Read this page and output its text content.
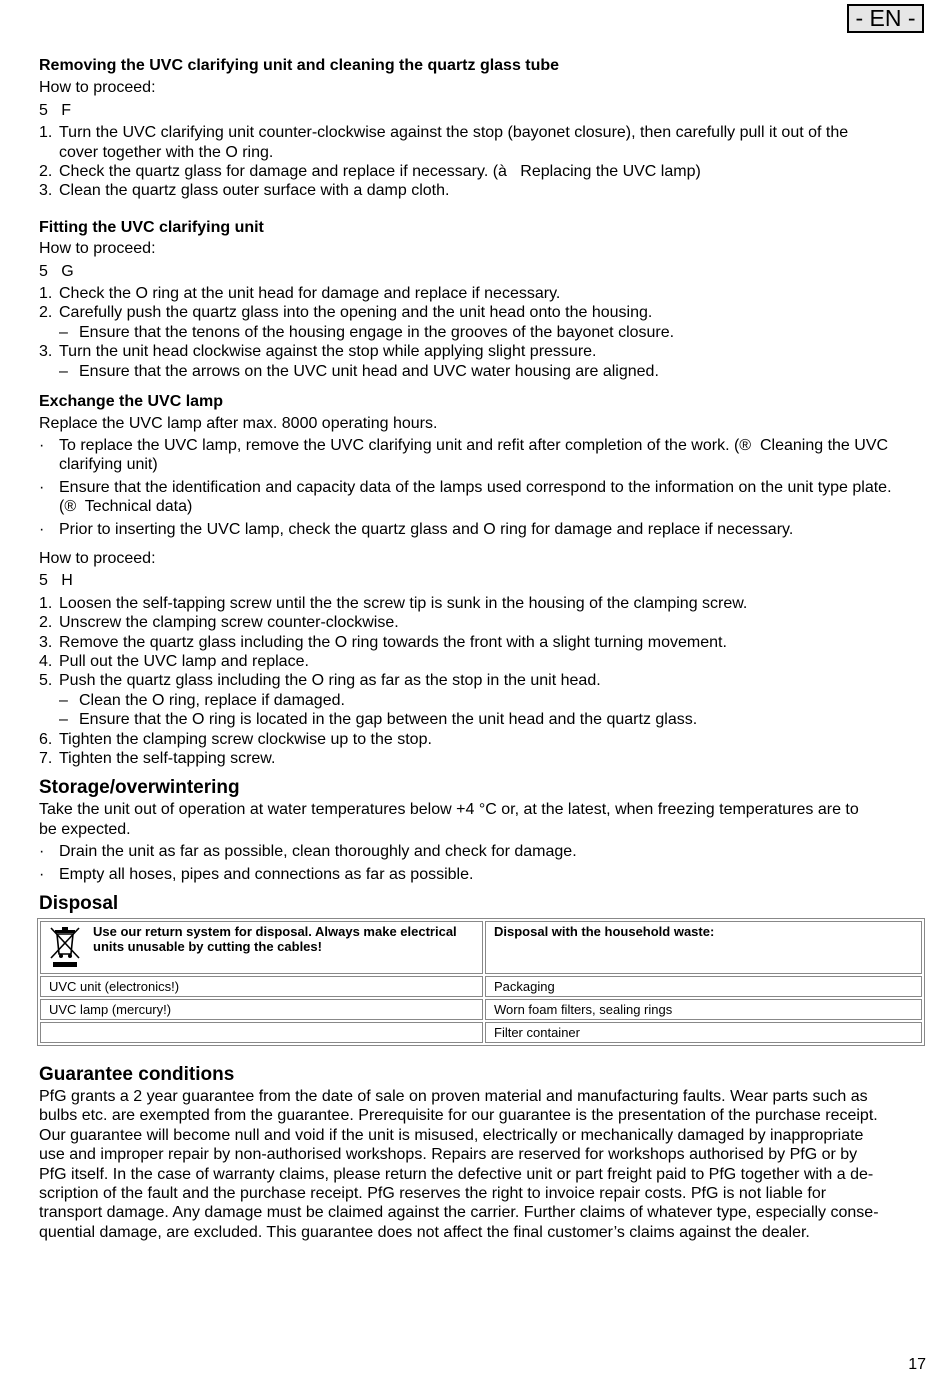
- EN -
Removing the UVC clarifying unit and cleaning the quartz glass tube
How to proceed:
5   F
1. Turn the UVC clarifying unit counter-clockwise against the stop (bayonet closure), then carefully pull it out of the
cover together with the O ring.
2. Check the quartz glass for damage and replace if necessary. (à   Replacing the UVC lamp)
3. Clean the quartz glass outer surface with a damp cloth.
Fitting the UVC clarifying unit
How to proceed:
5   G
1. Check the O ring at the unit head for damage and replace if necessary.
2. Carefully push the quartz glass into the opening and the unit head onto the housing.
– Ensure that the tenons of the housing engage in the grooves of the bayonet closure.
3. Turn the unit head clockwise against the stop while applying slight pressure.
– Ensure that the arrows on the UVC unit head and UVC water housing are aligned.
Exchange the UVC lamp
Replace the UVC lamp after max. 8000 operating hours.
· To replace the UVC lamp, remove the UVC clarifying unit and refit after completion of the work. (®  Cleaning the UVC
clarifying unit)
· Ensure that the identification and capacity data of the lamps used correspond to the information on the unit type plate.
(®  Technical data)
· Prior to inserting the UVC lamp, check the quartz glass and O ring for damage and replace if necessary.
How to proceed:
5   H
1. Loosen the self-tapping screw until the the screw tip is sunk in the housing of the clamping screw.
2. Unscrew the clamping screw counter-clockwise.
3. Remove the quartz glass including the O ring towards the front with a slight turning movement.
4. Pull out the UVC lamp and replace.
5. Push the quartz glass including the O ring as far as the stop in the unit head.
– Clean the O ring, replace if damaged.
– Ensure that the O ring is located in the gap between the unit head and the quartz glass.
6. Tighten the clamping screw clockwise up to the stop.
7. Tighten the self-tapping screw.
Storage/overwintering
Take the unit out of operation at water temperatures below +4 °C or, at the latest, when freezing temperatures are to
be expected.
· Drain the unit as far as possible, clean thoroughly and check for damage.
· Empty all hoses, pipes and connections as far as possible.
Disposal
Use our return system for disposal. Always make electrical
units unusable by cutting the cables!	Disposal with the household waste:
UVC unit (electronics!)	Packaging
UVC lamp (mercury!)	Worn foam filters, sealing rings
	Filter container
Guarantee conditions
PfG grants a 2 year guarantee from the date of sale on proven material and manufacturing faults. Wear parts such as
bulbs etc. are exempted from the guarantee. Prerequisite for our guarantee is the presentation of the purchase receipt.
Our guarantee will become null and void if the unit is misused, electrically or mechanically damaged by inappropriate
use and improper repair by non-authorised workshops. Repairs are reserved for workshops authorised by PfG or by
PfG itself. In the case of warranty claims, please return the defective unit or part freight paid to PfG together with a de-
scription of the fault and the purchase receipt. PfG reserves the right to invoice repair costs. PfG is not liable for
transport damage. Any damage must be claimed against the carrier. Further claims of whatever type, especially conse-
quential damage, are excluded. This guarantee does not affect the final customer’s claims against the dealer.
17
